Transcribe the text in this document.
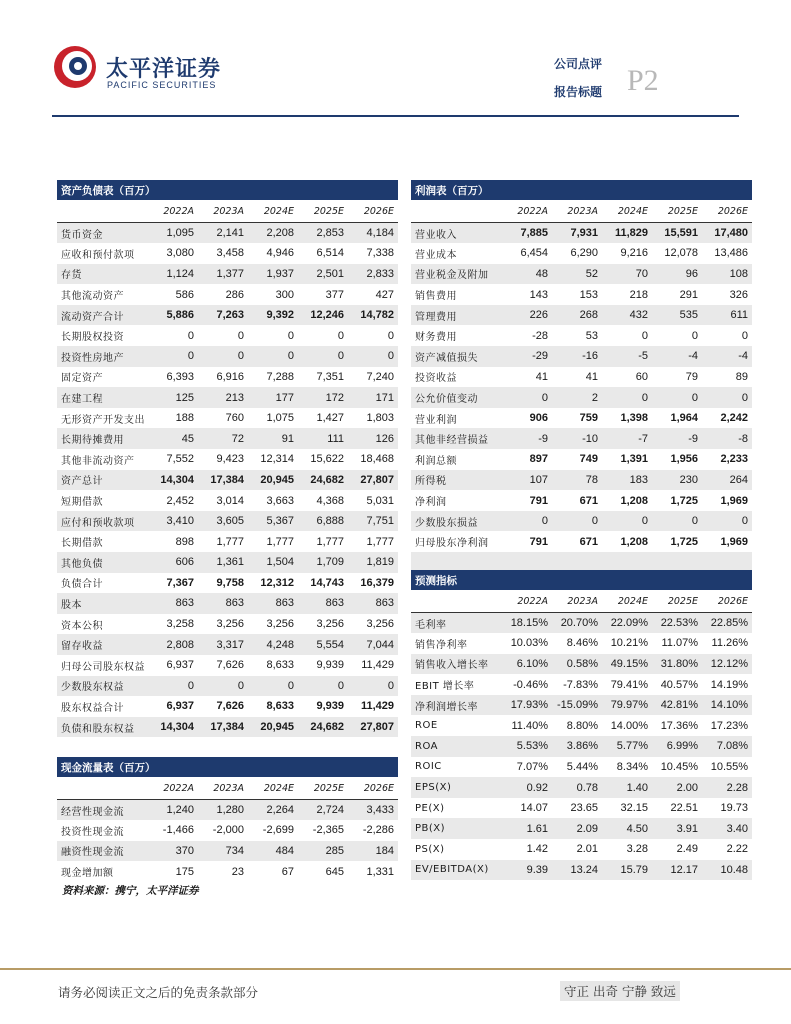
太平洋证券
PACIFIC SECURITIES
公司点评
报告标题 P2
资产负债表（百万）					
	2022A	2023A	2024E	2025E	2026E
货币资金	1,095	2,141	2,208	2,853	4,184
应收和预付款项	3,080	3,458	4,946	6,514	7,338
存货	1,124	1,377	1,937	2,501	2,833
其他流动资产	586	286	300	377	427
流动资产合计	5,886	7,263	9,392	12,246	14,782
长期股权投资	0	0	0	0	0
投资性房地产	0	0	0	0	0
固定资产	6,393	6,916	7,288	7,351	7,240
在建工程	125	213	177	172	171
无形资产开发支出	188	760	1,075	1,427	1,803
长期待摊费用	45	72	91	111	126
其他非流动资产	7,552	9,423	12,314	15,622	18,468
资产总计	14,304	17,384	20,945	24,682	27,807
短期借款	2,452	3,014	3,663	4,368	5,031
应付和预收款项	3,410	3,605	5,367	6,888	7,751
长期借款	898	1,777	1,777	1,777	1,777
其他负债	606	1,361	1,504	1,709	1,819
负债合计	7,367	9,758	12,312	14,743	16,379
股本	863	863	863	863	863
资本公积	3,258	3,256	3,256	3,256	3,256
留存收益	2,808	3,317	4,248	5,554	7,044
归母公司股东权益	6,937	7,626	8,633	9,939	11,429
少数股东权益	0	0	0	0	0
股东权益合计	6,937	7,626	8,633	9,939	11,429
负债和股东权益	14,304	17,384	20,945	24,682	27,807
现金流量表（百万）					
	2022A	2023A	2024E	2025E	2026E
经营性现金流	1,240	1,280	2,264	2,724	3,433
投资性现金流	-1,466	-2,000	-2,699	-2,365	-2,286
融资性现金流	370	734	484	285	184
现金增加额	175	23	67	645	1,331
利润表（百万）					
	2022A	2023A	2024E	2025E	2026E
营业收入	7,885	7,931	11,829	15,591	17,480
营业成本	6,454	6,290	9,216	12,078	13,486
营业税金及附加	48	52	70	96	108
销售费用	143	153	218	291	326
管理费用	226	268	432	535	611
财务费用	-28	53	0	0	0
资产减值损失	-29	-16	-5	-4	-4
投资收益	41	41	60	79	89
公允价值变动	0	2	0	0	0
营业利润	906	759	1,398	1,964	2,242
其他非经营损益	-9	-10	-7	-9	-8
利润总额	897	749	1,391	1,956	2,233
所得税	107	78	183	230	264
净利润	791	671	1,208	1,725	1,969
少数股东损益	0	0	0	0	0
归母股东净利润	791	671	1,208	1,725	1,969

预测指标					
	2022A	2023A	2024E	2025E	2026E
毛利率	18.15%	20.70%	22.09%	22.53%	22.85%
销售净利率	10.03%	8.46%	10.21%	11.07%	11.26%
销售收入增长率	6.10%	0.58%	49.15%	31.80%	12.12%
EBIT 增长率	-0.46%	-7.83%	79.41%	40.57%	14.19%
净利润增长率	17.93%	-15.09%	79.97%	42.81%	14.10%
ROE	11.40%	8.80%	14.00%	17.36%	17.23%
ROA	5.53%	3.86%	5.77%	6.99%	7.08%
ROIC	7.07%	5.44%	8.34%	10.45%	10.55%
EPS(X)	0.92	0.78	1.40	2.00	2.28
PE(X)	14.07	23.65	32.15	22.51	19.73
PB(X)	1.61	2.09	4.50	3.91	3.40
PS(X)	1.42	2.01	3.28	2.49	2.22
EV/EBITDA(X)	9.39	13.24	15.79	12.17	10.48
资料来源：携宁，太平洋证券
请务必阅读正文之后的免责条款部分	守正 出奇 宁静 致远
